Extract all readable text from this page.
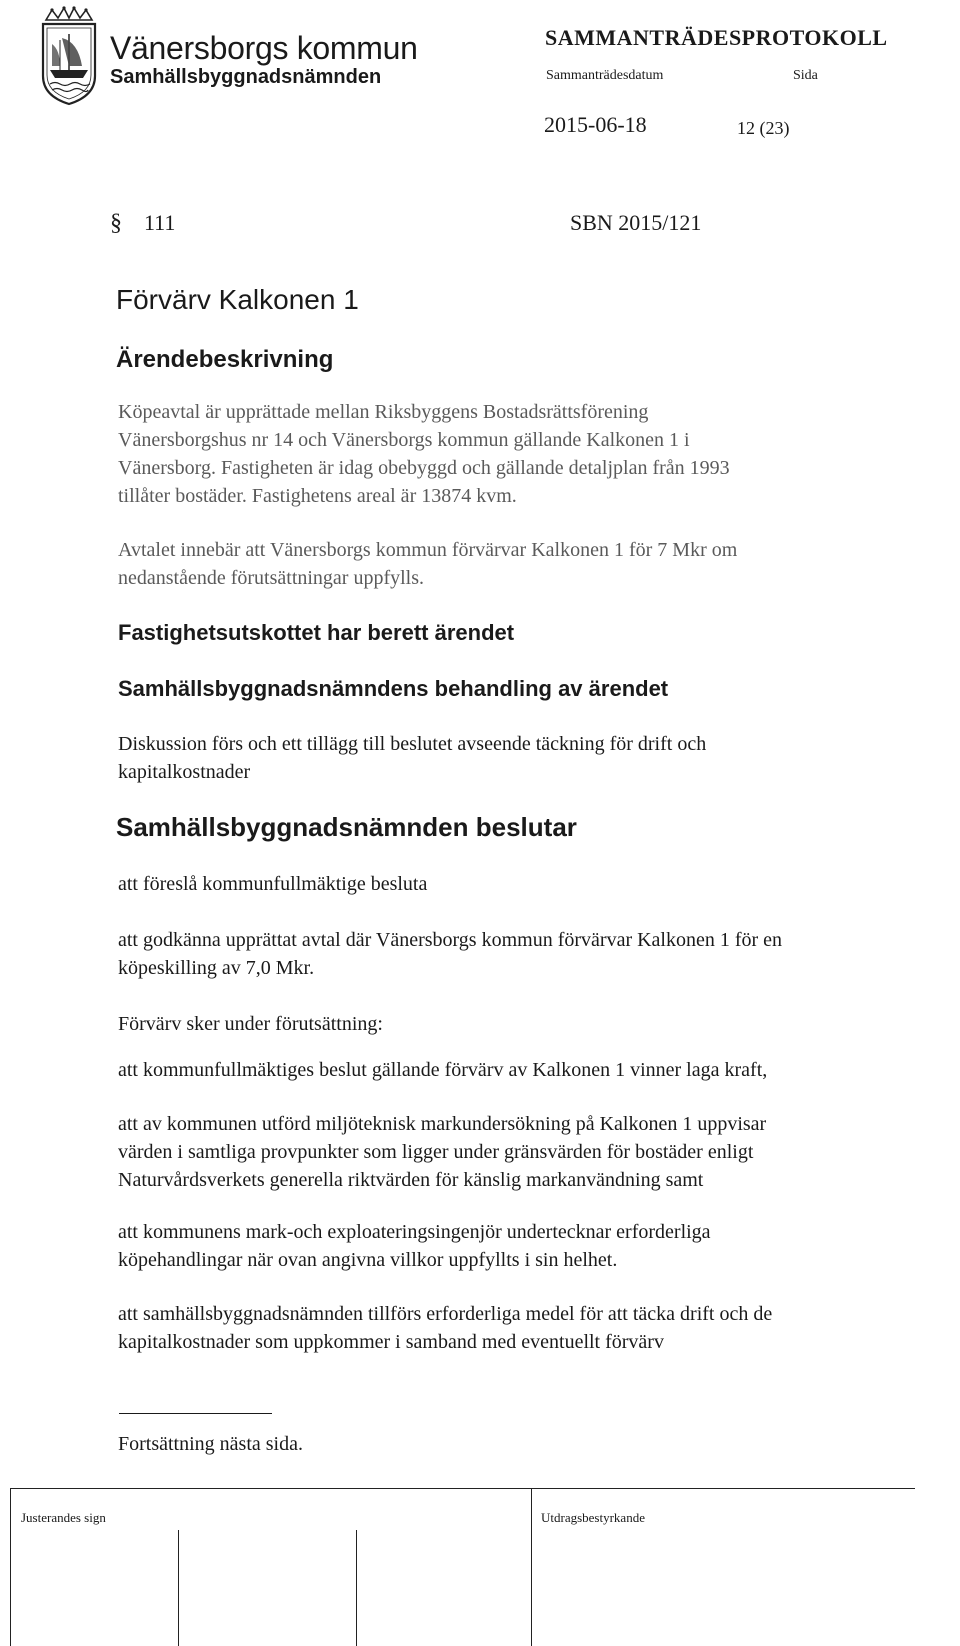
Vänersborgs kommun
Samhällsbyggnadsnämnden
SAMMANTRÄDESPROTOKOLL
Sammanträdesdatum	Sida
2015-06-18	12 (23)
§ 111	SBN 2015/121
Förvärv Kalkonen 1
Ärendebeskrivning
Köpeavtal är upprättade mellan Riksbyggens Bostadsrättsförening
Vänersborgshus nr 14 och Vänersborgs kommun gällande Kalkonen 1 i
Vänersborg. Fastigheten är idag obebyggd och gällande detaljplan från 1993
tillåter bostäder. Fastighetens areal är 13874 kvm.
Avtalet innebär att Vänersborgs kommun förvärvar Kalkonen 1 för 7 Mkr om
nedanstående förutsättningar uppfylls.
Fastighetsutskottet har berett ärendet
Samhällsbyggnadsnämndens behandling av ärendet
Diskussion förs och ett tillägg till beslutet avseende täckning för drift och
kapitalkostnader
Samhällsbyggnadsnämnden beslutar
att föreslå kommunfullmäktige besluta
att godkänna upprättat avtal där Vänersborgs kommun förvärvar Kalkonen 1 för en
köpeskilling av 7,0 Mkr.
Förvärv sker under förutsättning:
att kommunfullmäktiges beslut gällande förvärv av Kalkonen 1 vinner laga kraft,
att av kommunen utförd miljöteknisk markundersökning på Kalkonen 1 uppvisar
värden i samtliga provpunkter som ligger under gränsvärden för bostäder enligt
Naturvårdsverkets generella riktvärden för känslig markanvändning samt
att kommunens mark-och exploateringsingenjör undertecknar erforderliga
köpehandlingar när ovan angivna villkor uppfyllts i sin helhet.
att samhällsbyggnadsnämnden tillförs erforderliga medel för att täcka drift och de
kapitalkostnader som uppkommer i samband med eventuellt förvärv
Fortsättning nästa sida.
Justerandes sign	Utdragsbestyrkande
